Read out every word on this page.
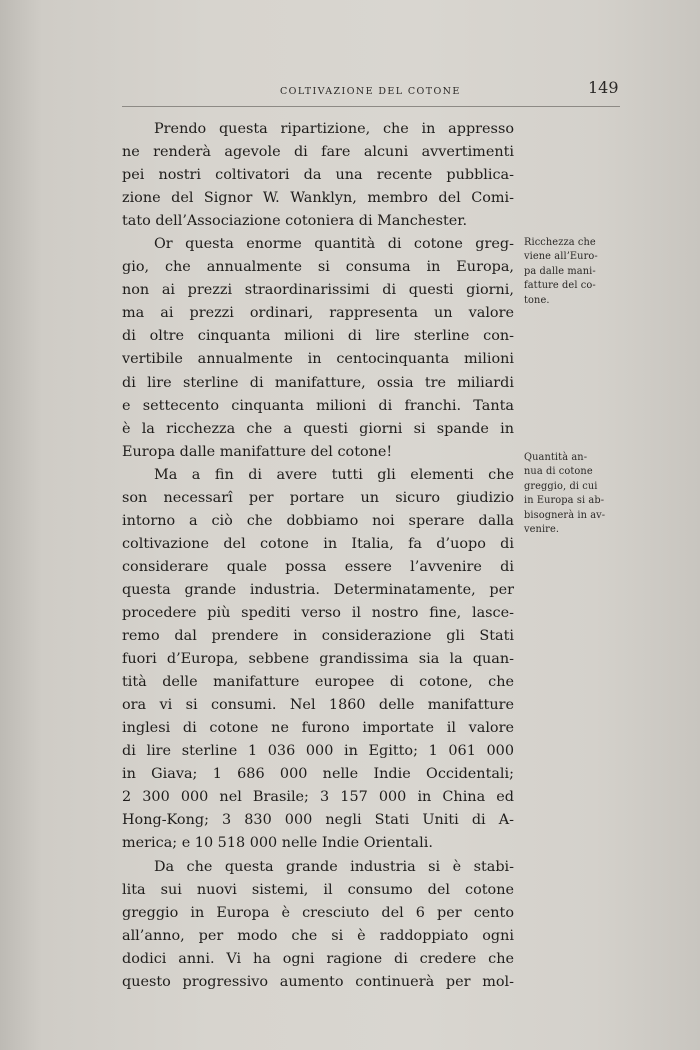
COLTIVAZIONE DEL COTONE	149
Prendo questa ripartizione, che in appresso
ne renderà agevole di fare alcuni avvertimenti
pei nostri coltivatori da una recente pubblica-
zione del Signor W. Wanklyn, membro del Comi-
tato dell’Associazione cotoniera di Manchester.
Or questa enorme quantità di cotone greg-
gio, che annualmente si consuma in Europa,
non ai prezzi straordinarissimi di questi giorni,
ma ai prezzi ordinari, rappresenta un valore
di oltre cinquanta milioni di lire sterline con-
vertibile annualmente in centocinquanta milioni
di lire sterline di manifatture, ossia tre miliardi
e settecento cinquanta milioni di franchi. Tanta
è la ricchezza che a questi giorni si spande in
Europa dalle manifatture del cotone!
Ma a fin di avere tutti gli elementi che
son necessarî per portare un sicuro giudizio
intorno a ciò che dobbiamo noi sperare dalla
coltivazione del cotone in Italia, fa d’uopo di
considerare quale possa essere l’avvenire di
questa grande industria. Determinatamente, per
procedere più spediti verso il nostro fine, lasce-
remo dal prendere in considerazione gli Stati
fuori d’Europa, sebbene grandissima sia la quan-
tità delle manifatture europee di cotone, che
ora vi si consumi. Nel 1860 delle manifatture
inglesi di cotone ne furono importate il valore
di lire sterline 1 036 000 in Egitto; 1 061 000
in Giava; 1 686 000 nelle Indie Occidentali;
2 300 000 nel Brasile; 3 157 000 in China ed
Hong-Kong; 3 830 000 negli Stati Uniti di A-
merica; e 10 518 000 nelle Indie Orientali.
Da che questa grande industria si è stabi-
lita sui nuovi sistemi, il consumo del cotone
greggio in Europa è cresciuto del 6 per cento
all’anno, per modo che si è raddoppiato ogni
dodici anni. Vi ha ogni ragione di credere che
questo progressivo aumento continuerà per mol-
Ricchezza che
viene all’Euro-
pa dalle mani-
fatture del co-
tone.
Quantità an-
nua di cotone
greggio, di cui
in Europa si ab-
bisognerà in av-
venire.
